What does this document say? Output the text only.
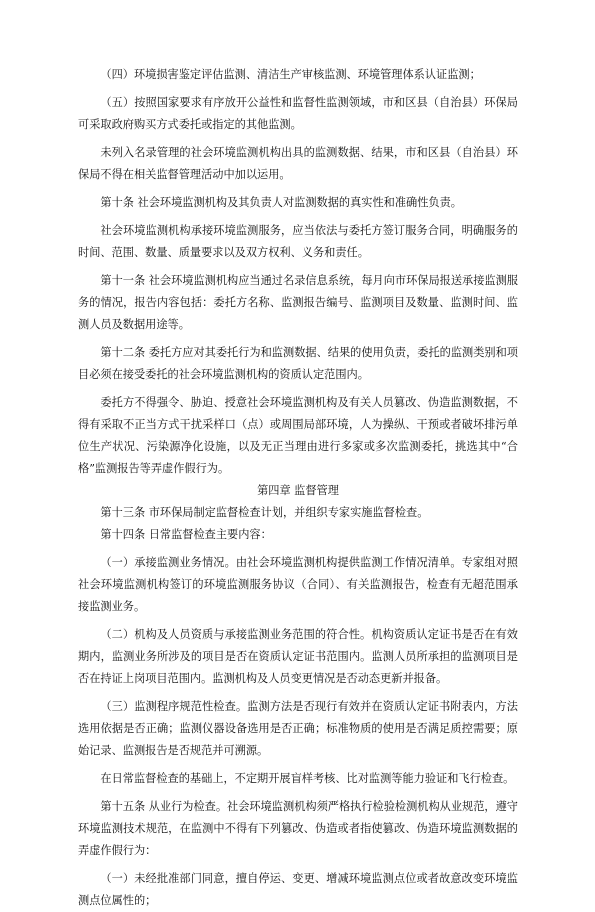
（四）环境损害鉴定评估监测、清洁生产审核监测、环境管理体系认证监测；

（五）按照国家要求有序放开公益性和监督性监测领域，市和区县（自治县）环保局可采取政府购买方式委托或指定的其他监测。

未列入名录管理的社会环境监测机构出具的监测数据、结果，市和区县（自治县）环保局不得在相关监督管理活动中加以运用。

第十条 社会环境监测机构及其负责人对监测数据的真实性和准确性负责。

社会环境监测机构承接环境监测服务，应当依法与委托方签订服务合同，明确服务的时间、范围、数量、质量要求以及双方权利、义务和责任。

第十一条 社会环境监测机构应当通过名录信息系统，每月向市环保局报送承接监测服务的情况，报告内容包括：委托方名称、监测报告编号、监测项目及数量、监测时间、监测人员及数据用途等。

第十二条 委托方应对其委托行为和监测数据、结果的使用负责，委托的监测类别和项目必须在接受委托的社会环境监测机构的资质认定范围内。

委托方不得强令、胁迫、授意社会环境监测机构及有关人员篡改、伪造监测数据，不得有采取不正当方式干扰采样口（点）或周围局部环境，人为操纵、干预或者破坏排污单位生产状况、污染源净化设施，以及无正当理由进行多家或多次监测委托，挑选其中“合格”监测报告等弄虚作假行为。

第四章 监督管理

第十三条 市环保局制定监督检查计划，并组织专家实施监督检查。

第十四条 日常监督检查主要内容：

（一）承接监测业务情况。由社会环境监测机构提供监测工作情况清单。专家组对照社会环境监测机构签订的环境监测服务协议（合同）、有关监测报告，检查有无超范围承接监测业务。

（二）机构及人员资质与承接监测业务范围的符合性。机构资质认定证书是否在有效期内，监测业务所涉及的项目是否在资质认定证书范围内。监测人员所承担的监测项目是否在持证上岗项目范围内。监测机构及人员变更情况是否动态更新并报备。

（三）监测程序规范性检查。监测方法是否现行有效并在资质认定证书附表内，方法选用依据是否正确；监测仪器设备选用是否正确；标准物质的使用是否满足质控需要；原始记录、监测报告是否规范并可溯源。

在日常监督检查的基础上，不定期开展盲样考核、比对监测等能力验证和飞行检查。

第十五条 从业行为检查。社会环境监测机构须严格执行检验检测机构从业规范，遵守环境监测技术规范，在监测中不得有下列篡改、伪造或者指使篡改、伪造环境监测数据的弄虚作假行为：

（一）未经批准部门同意，擅自停运、变更、增减环境监测点位或者故意改变环境监测点位属性的；
